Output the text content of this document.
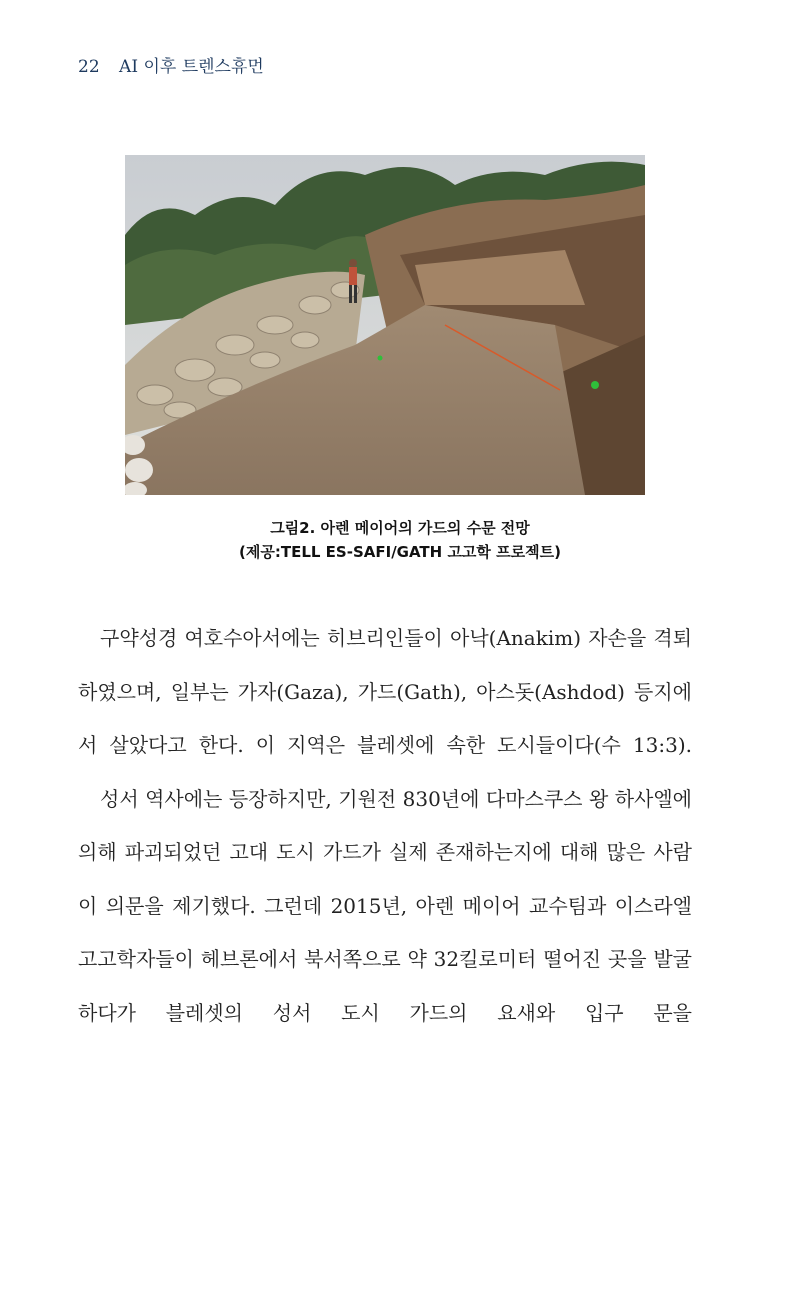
22 AI 이후 트렌스휴먼
그림2. 아렌 메이어의 가드의 수문 전망
(제공:TELL ES-SAFI/GATH 고고학 프로젝트)

구약성경 여호수아서에는 히브리인들이 아낙(Anakim) 자손을 격퇴하였으며, 일부는 가자(Gaza), 가드(Gath), 아스돗(Ashdod) 등지에서 살았다고 한다. 이 지역은 블레셋에 속한 도시들이다(수 13:3).

성서 역사에는 등장하지만, 기원전 830년에 다마스쿠스 왕 하사엘에 의해 파괴되었던 고대 도시 가드가 실제 존재하는지에 대해 많은 사람이 의문을 제기했다. 그런데 2015년, 아렌 메이어 교수팀과 이스라엘 고고학자들이 헤브론에서 북서쪽으로 약 32킬로미터 떨어진 곳을 발굴하다가 블레셋의 성서 도시 가드의 요새와 입구 문을
